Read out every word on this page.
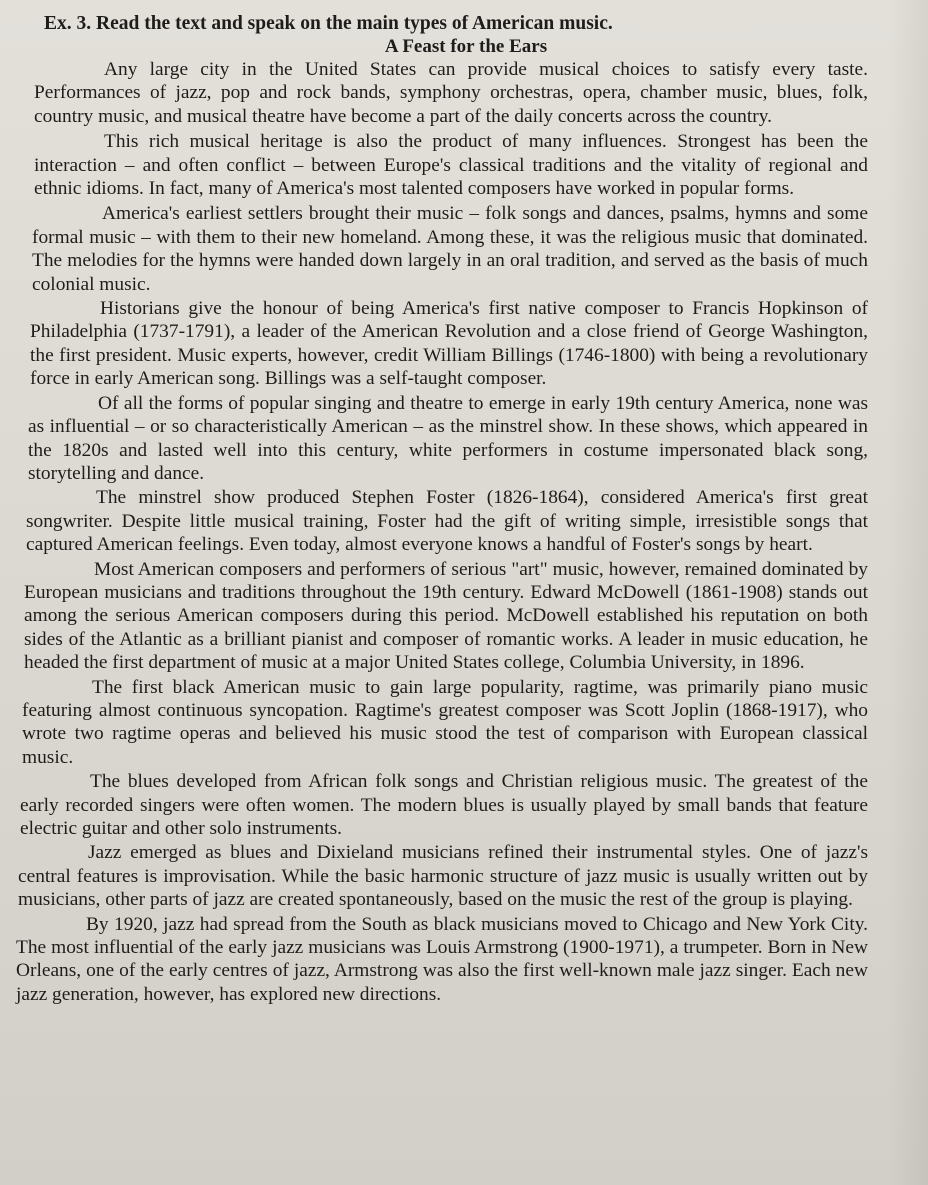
Ex. 3. Read the text and speak on the main types of American music.

A Feast for the Ears

Any large city in the United States can provide musical choices to satisfy every taste. Performances of jazz, pop and rock bands, symphony orchestras, opera, chamber music, blues, folk, country music, and musical theatre have become a part of the daily concerts across the country.

This rich musical heritage is also the product of many influences. Strongest has been the interaction – and often conflict – between Europe's classical traditions and the vitality of regional and ethnic idioms. In fact, many of America's most talented composers have worked in popular forms.

America's earliest settlers brought their music – folk songs and dances, psalms, hymns and some formal music – with them to their new homeland. Among these, it was the religious music that dominated. The melodies for the hymns were handed down largely in an oral tradition, and served as the basis of much colonial music.

Historians give the honour of being America's first native composer to Francis Hopkinson of Philadelphia (1737-1791), a leader of the American Revolution and a close friend of George Washington, the first president. Music experts, however, credit William Billings (1746-1800) with being a revolutionary force in early American song. Billings was a self-taught composer.

Of all the forms of popular singing and theatre to emerge in early 19th century America, none was as influential – or so characteristically American – as the minstrel show. In these shows, which appeared in the 1820s and lasted well into this century, white performers in costume impersonated black song, storytelling and dance.

The minstrel show produced Stephen Foster (1826-1864), considered America's first great songwriter. Despite little musical training, Foster had the gift of writing simple, irresistible songs that captured American feelings. Even today, almost everyone knows a handful of Foster's songs by heart.

Most American composers and performers of serious "art" music, however, remained dominated by European musicians and traditions throughout the 19th century. Edward McDowell (1861-1908) stands out among the serious American composers during this period. McDowell established his reputation on both sides of the Atlantic as a brilliant pianist and composer of romantic works. A leader in music education, he headed the first department of music at a major United States college, Columbia University, in 1896.

The first black American music to gain large popularity, ragtime, was primarily piano music featuring almost continuous syncopation. Ragtime's greatest composer was Scott Joplin (1868-1917), who wrote two ragtime operas and believed his music stood the test of comparison with European classical music.

The blues developed from African folk songs and Christian religious music. The greatest of the early recorded singers were often women. The modern blues is usually played by small bands that feature electric guitar and other solo instruments.

Jazz emerged as blues and Dixieland musicians refined their instrumental styles. One of jazz's central features is improvisation. While the basic harmonic structure of jazz music is usually written out by musicians, other parts of jazz are created spontaneously, based on the music the rest of the group is playing.

By 1920, jazz had spread from the South as black musicians moved to Chicago and New York City. The most influential of the early jazz musicians was Louis Armstrong (1900-1971), a trumpeter. Born in New Orleans, one of the early centres of jazz, Armstrong was also the first well-known male jazz singer. Each new jazz generation, however, has explored new directions.
